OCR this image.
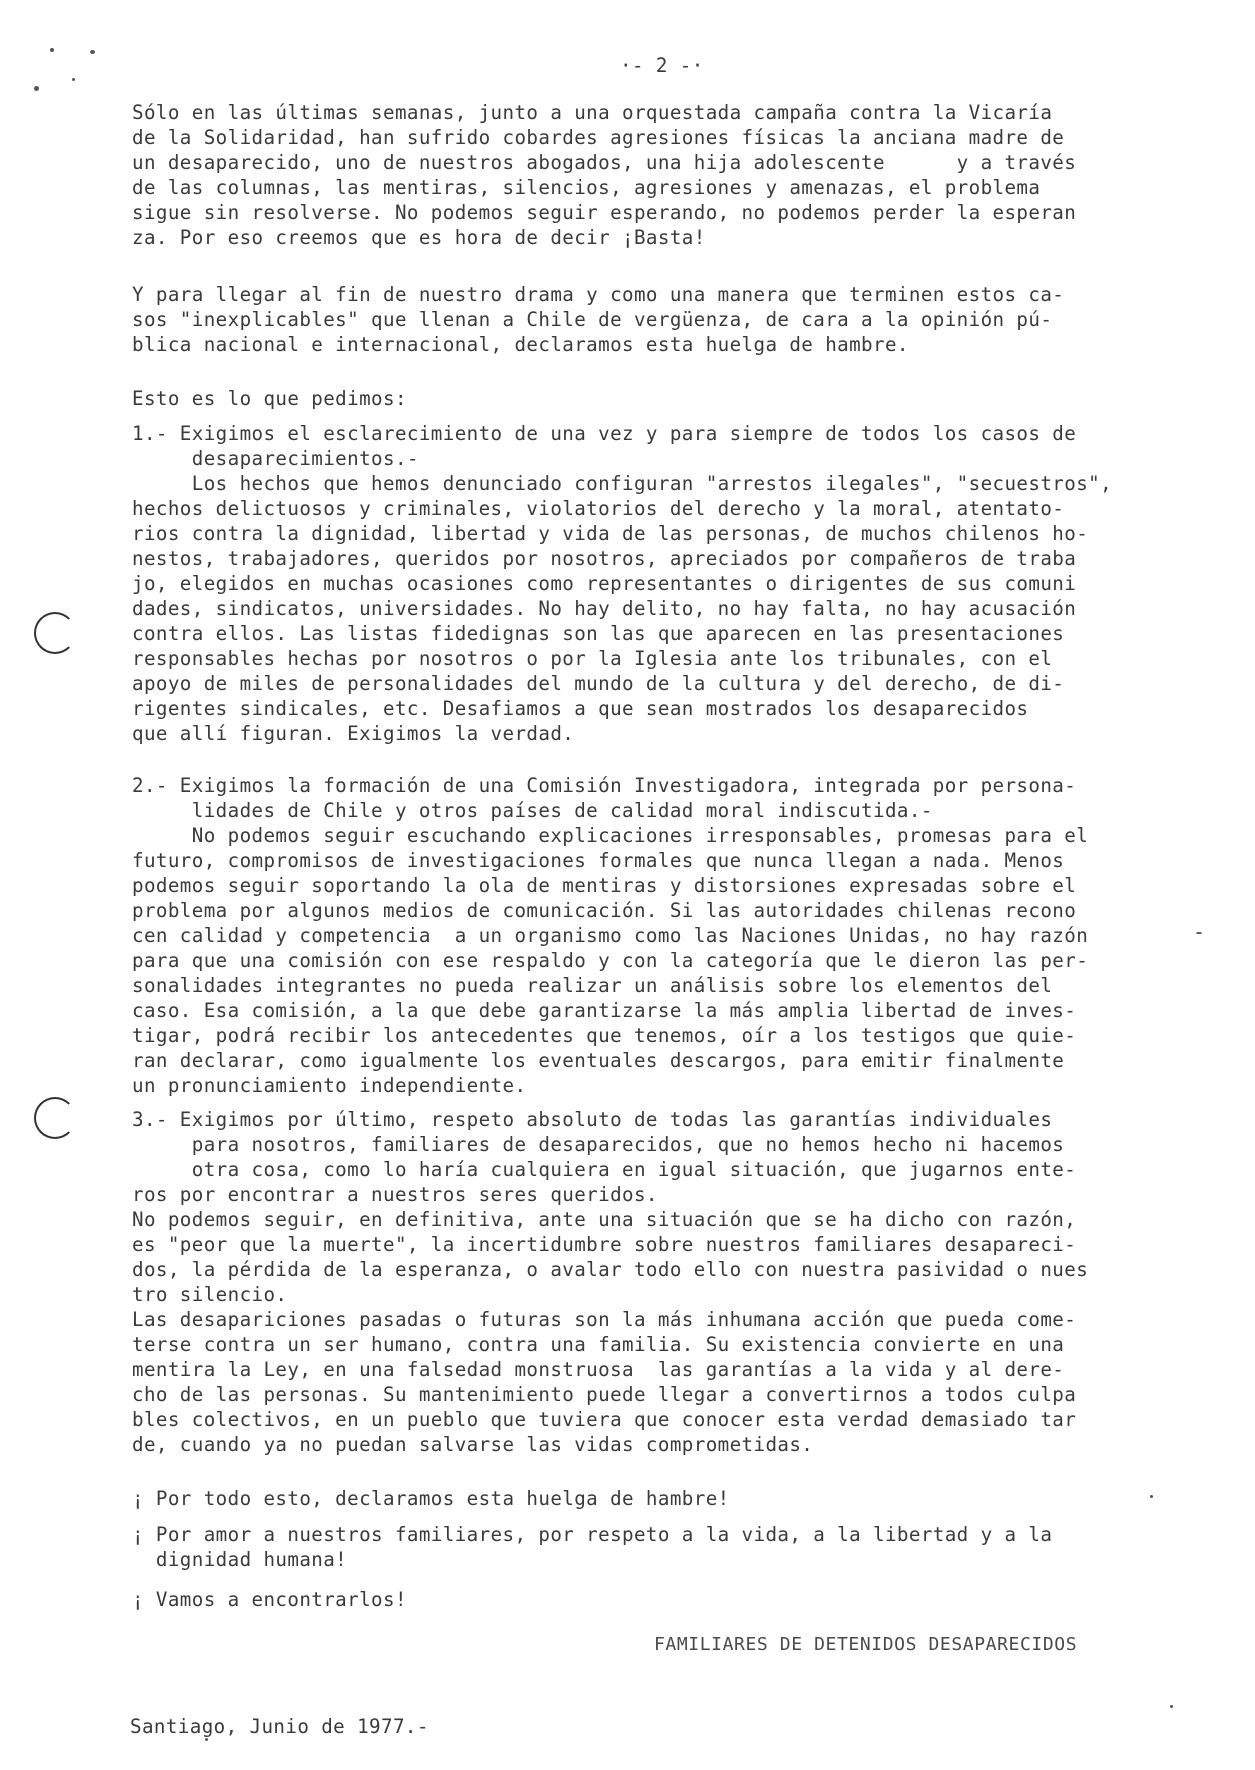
·- 2 -·
Sólo en las últimas semanas, junto a una orquestada campaña contra la Vicaría
de la Solidaridad, han sufrido cobardes agresiones físicas la anciana madre de
un desaparecido, uno de nuestros abogados, una hija adolescente      y a través
de las columnas, las mentiras, silencios, agresiones y amenazas, el problema
sigue sin resolverse. No podemos seguir esperando, no podemos perder la esperan
za. Por eso creemos que es hora de decir ¡Basta!
Y para llegar al fin de nuestro drama y como una manera que terminen estos ca-
sos "inexplicables" que llenan a Chile de vergüenza, de cara a la opinión pú-
blica nacional e internacional, declaramos esta huelga de hambre.
Esto es lo que pedimos:
1.- Exigimos el esclarecimiento de una vez y para siempre de todos los casos de
desaparecimientos.-
Los hechos que hemos denunciado configuran "arrestos ilegales", "secuestros",
hechos delictuosos y criminales, violatorios del derecho y la moral, atentato-
rios contra la dignidad, libertad y vida de las personas, de muchos chilenos ho-
nestos, trabajadores, queridos por nosotros, apreciados por compañeros de traba
jo, elegidos en muchas ocasiones como representantes o dirigentes de sus comuni
dades, sindicatos, universidades. No hay delito, no hay falta, no hay acusación
contra ellos. Las listas fidedignas son las que aparecen en las presentaciones
responsables hechas por nosotros o por la Iglesia ante los tribunales, con el
apoyo de miles de personalidades del mundo de la cultura y del derecho, de di-
rigentes sindicales, etc. Desafiamos a que sean mostrados los desaparecidos
que allí figuran. Exigimos la verdad.
2.- Exigimos la formación de una Comisión Investigadora, integrada por persona-
lidades de Chile y otros países de calidad moral indiscutida.-
No podemos seguir escuchando explicaciones irresponsables, promesas para el
futuro, compromisos de investigaciones formales que nunca llegan a nada. Menos
podemos seguir soportando la ola de mentiras y distorsiones expresadas sobre el
problema por algunos medios de comunicación. Si las autoridades chilenas recono
cen calidad y competencia  a un organismo como las Naciones Unidas, no hay razón
para que una comisión con ese respaldo y con la categoría que le dieron las per-
sonalidades integrantes no pueda realizar un análisis sobre los elementos del
caso. Esa comisión, a la que debe garantizarse la más amplia libertad de inves-
tigar, podrá recibir los antecedentes que tenemos, oír a los testigos que quie-
ran declarar, como igualmente los eventuales descargos, para emitir finalmente
un pronunciamiento independiente.
3.- Exigimos por último, respeto absoluto de todas las garantías individuales
para nosotros, familiares de desaparecidos, que no hemos hecho ni hacemos
otra cosa, como lo haría cualquiera en igual situación, que jugarnos ente-
ros por encontrar a nuestros seres queridos.
No podemos seguir, en definitiva, ante una situación que se ha dicho con razón,
es "peor que la muerte", la incertidumbre sobre nuestros familiares desapareci-
dos, la pérdida de la esperanza, o avalar todo ello con nuestra pasividad o nues
tro silencio.
Las desapariciones pasadas o futuras son la más inhumana acción que pueda come-
terse contra un ser humano, contra una familia. Su existencia convierte en una
mentira la Ley, en una falsedad monstruosa  las garantías a la vida y al dere-
cho de las personas. Su mantenimiento puede llegar a convertirnos a todos culpa
bles colectivos, en un pueblo que tuviera que conocer esta verdad demasiado tar
de, cuando ya no puedan salvarse las vidas comprometidas.
¡ Por todo esto, declaramos esta huelga de hambre!
¡ Por amor a nuestros familiares, por respeto a la vida, a la libertad y a la
dignidad humana!
¡ Vamos a encontrarlos!
FAMILIARES DE DETENIDOS DESAPARECIDOS
Santiago, Junio de 1977.-
